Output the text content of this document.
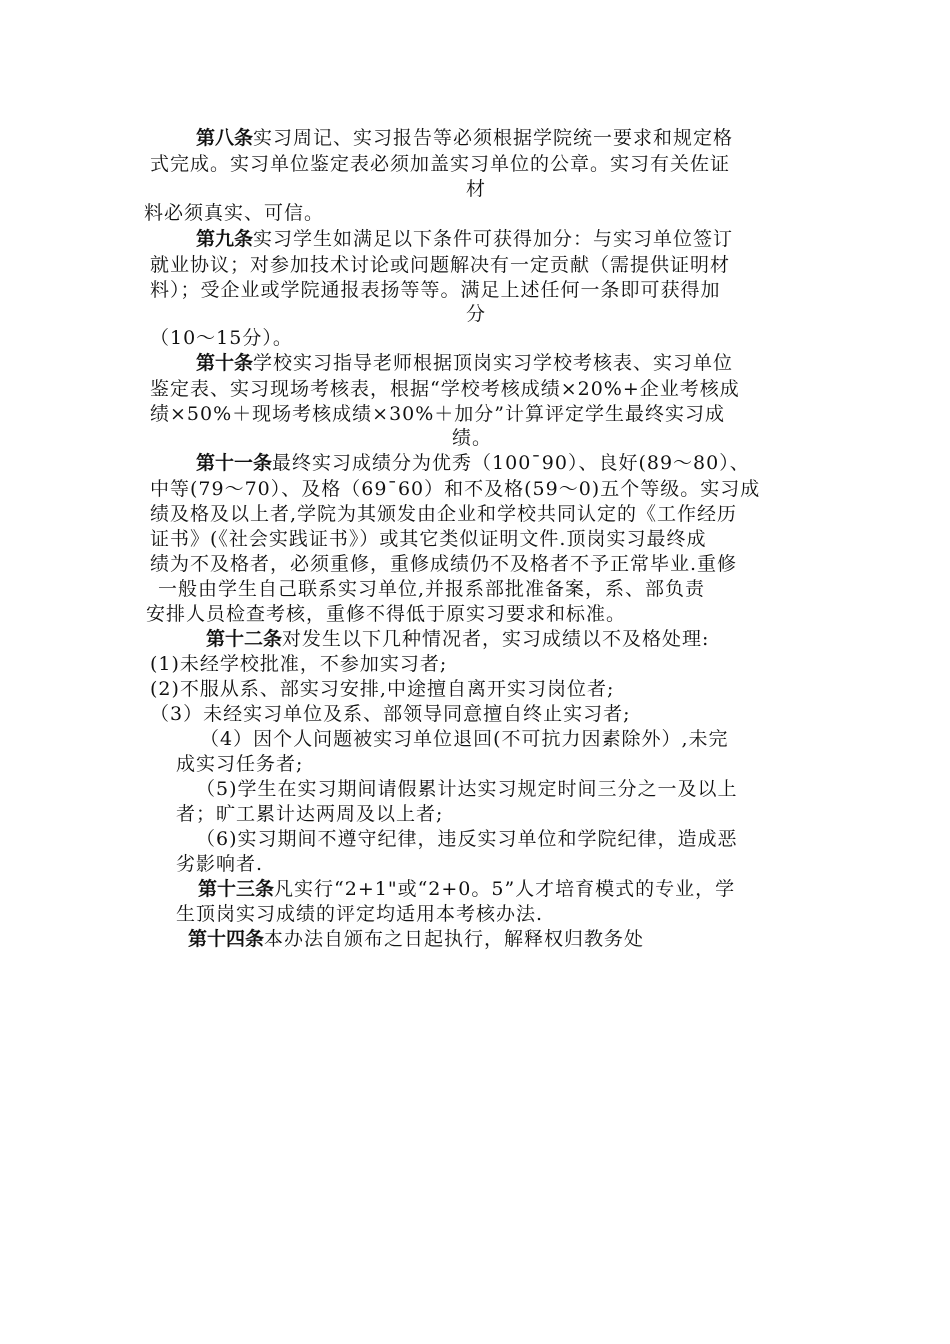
第八条实习周记、实习报告等必须根据学院统一要求和规定格
式完成。实习单位鉴定表必须加盖实习单位的公章。实习有关佐证
材
料必须真实、可信。
第九条实习学生如满足以下条件可获得加分：与实习单位签订
就业协议；对参加技术讨论或问题解决有一定贡献（需提供证明材
料）；受企业或学院通报表扬等等。满足上述任何一条即可获得加
分
（10～15分）。
第十条学校实习指导老师根据顶岗实习学校考核表、实习单位
鉴定表、实习现场考核表，根据“学校考核成绩×20%+企业考核成
绩×50%＋现场考核成绩×30%＋加分”计算评定学生最终实习成
绩。
第十一条最终实习成绩分为优秀（100¯90）、良好(89～80）、
中等(79～70）、及格（69¯60）和不及格(59～0)五个等级。实习成
绩及格及以上者,学院为其颁发由企业和学校共同认定的《工作经历
证书》(《社会实践证书》）或其它类似证明文件.顶岗实习最终成
绩为不及格者，必须重修，重修成绩仍不及格者不予正常毕业.重修
一般由学生自己联系实习单位,并报系部批准备案，系、部负责
安排人员检查考核，重修不得低于原实习要求和标准。
第十二条对发生以下几种情况者，实习成绩以不及格处理:
(1)未经学校批准，不参加实习者;
(2)不服从系、部实习安排,中途擅自离开实习岗位者;
（3）未经实习单位及系、部领导同意擅自终止实习者;
（4）因个人问题被实习单位退回(不可抗力因素除外）,未完
成实习任务者;
（5)学生在实习期间请假累计达实习规定时间三分之一及以上
者；旷工累计达两周及以上者;
（6)实习期间不遵守纪律，违反实习单位和学院纪律，造成恶
劣影响者.
第十三条凡实行“2+1"或“2+0。5”人才培育模式的专业，学
生顶岗实习成绩的评定均适用本考核办法.
第十四条本办法自颁布之日起执行，解释权归教务处
